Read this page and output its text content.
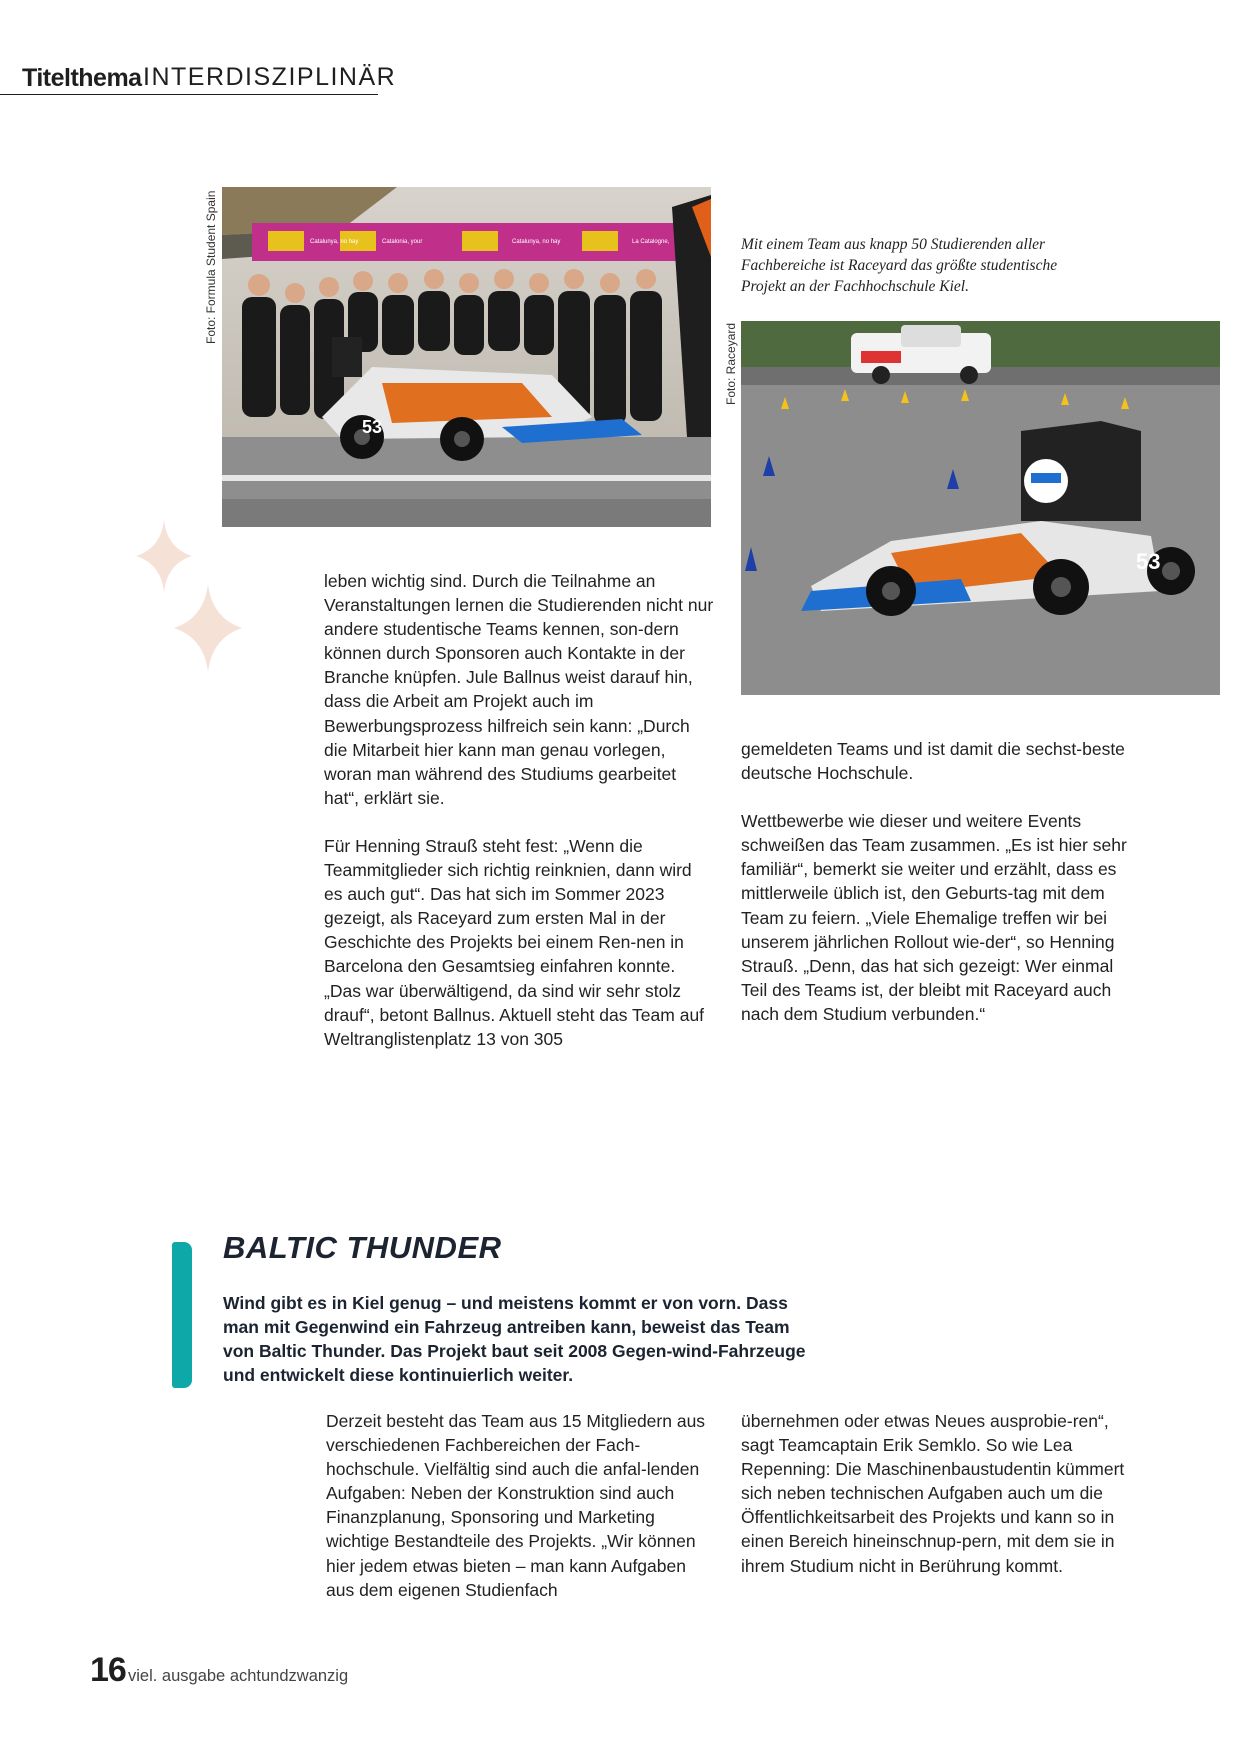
Titelthema INTERDISZIPLINÄR
Foto: Formula Student Spain	Catalunya, no hay	Catalonia, your	Catalunya, no hay	La Catalogne,
53
Mit einem Team aus knapp 50 Studierenden aller Fachbereiche ist Raceyard das größte studentische Projekt an der Fachhochschule Kiel.
Foto: Raceyard
53

leben wichtig sind. Durch die Teilnahme an Veranstaltungen lernen die Studierenden nicht nur andere studentische Teams kennen, son-dern können durch Sponsoren auch Kontakte in der Branche knüpfen. Jule Ballnus weist darauf hin, dass die Arbeit am Projekt auch im Bewerbungsprozess hilfreich sein kann: „Durch die Mitarbeit hier kann man genau vorlegen, woran man während des Studiums gearbeitet hat“, erklärt sie.

Für Henning Strauß steht fest: „Wenn die Teammitglieder sich richtig reinknien, dann wird es auch gut“. Das hat sich im Sommer 2023 gezeigt, als Raceyard zum ersten Mal in der Geschichte des Projekts bei einem Ren-nen in Barcelona den Gesamtsieg einfahren konnte. „Das war überwältigend, da sind wir sehr stolz drauf“, betont Ballnus. Aktuell steht das Team auf Weltranglistenplatz 13 von 305

gemeldeten Teams und ist damit die sechst-beste deutsche Hochschule.

Wettbewerbe wie dieser und weitere Events schweißen das Team zusammen. „Es ist hier sehr familiär“, bemerkt sie weiter und erzählt, dass es mittlerweile üblich ist, den Geburts-tag mit dem Team zu feiern. „Viele Ehemalige treffen wir bei unserem jährlichen Rollout wie-der“, so Henning Strauß. „Denn, das hat sich gezeigt: Wer einmal Teil des Teams ist, der bleibt mit Raceyard auch nach dem Studium verbunden.“

BALTIC THUNDER
Wind gibt es in Kiel genug – und meistens kommt er von vorn. Dass man mit Gegenwind ein Fahrzeug antreiben kann, beweist das Team von Baltic Thunder. Das Projekt baut seit 2008 Gegen-wind-Fahrzeuge und entwickelt diese kontinuierlich weiter.

Derzeit besteht das Team aus 15 Mitgliedern aus verschiedenen Fachbereichen der Fach-hochschule. Vielfältig sind auch die anfal-lenden Aufgaben: Neben der Konstruktion sind auch Finanzplanung, Sponsoring und Marketing wichtige Bestandteile des Projekts. „Wir können hier jedem etwas bieten – man kann Aufgaben aus dem eigenen Studienfach

übernehmen oder etwas Neues ausprobie-ren“, sagt Teamcaptain Erik Semklo. So wie Lea Repenning: Die Maschinenbaustudentin kümmert sich neben technischen Aufgaben auch um die Öffentlichkeitsarbeit des Projekts und kann so in einen Bereich hineinschnup-pern, mit dem sie in ihrem Studium nicht in Berührung kommt.

16 viel. ausgabe achtundzwanzig
